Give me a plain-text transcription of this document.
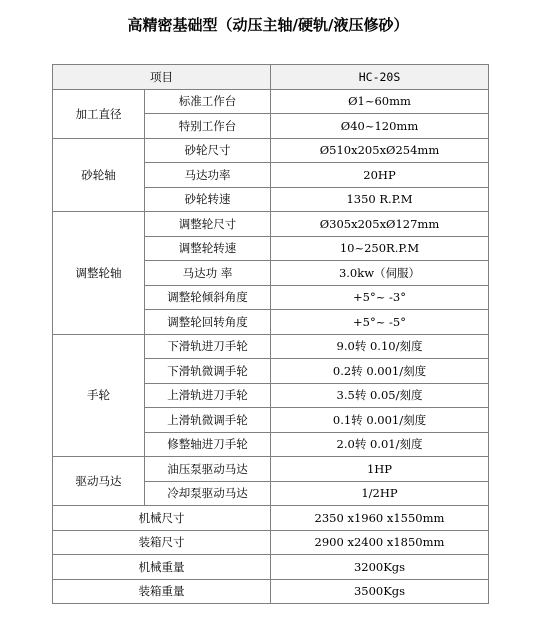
高精密基础型（动压主轴/硬轨/液压修砂）
项目		HC-20S
加工直径	标准工作台	Ø1~60mm
	特别工作台	Ø40~120mm
砂轮轴	砂轮尺寸	Ø510x205xØ254mm
	马达功率	20HP
	砂轮转速	1350 R.P.M
调整轮轴	调整轮尺寸	Ø305x205xØ127mm
	调整轮转速	10~250R.P.M
	马达功 率	3.0kw（伺服）
	调整轮倾斜角度	+5°~ -3°
	调整轮回转角度	+5°~ -5°
手轮	下滑轨进刀手轮	9.0转 0.10/刻度
	下滑轨微调手轮	0.2转 0.001/刻度
	上滑轨进刀手轮	3.5转 0.05/刻度
	上滑轨微调手轮	0.1转 0.001/刻度
	修整轴进刀手轮	2.0转 0.01/刻度
驱动马达	油压泵驱动马达	1HP
	冷却泵驱动马达	1/2HP
机械尺寸		2350 x1960 x1550mm
装箱尺寸		2900 x2400 x1850mm
机械重量		3200Kgs
装箱重量		3500Kgs
